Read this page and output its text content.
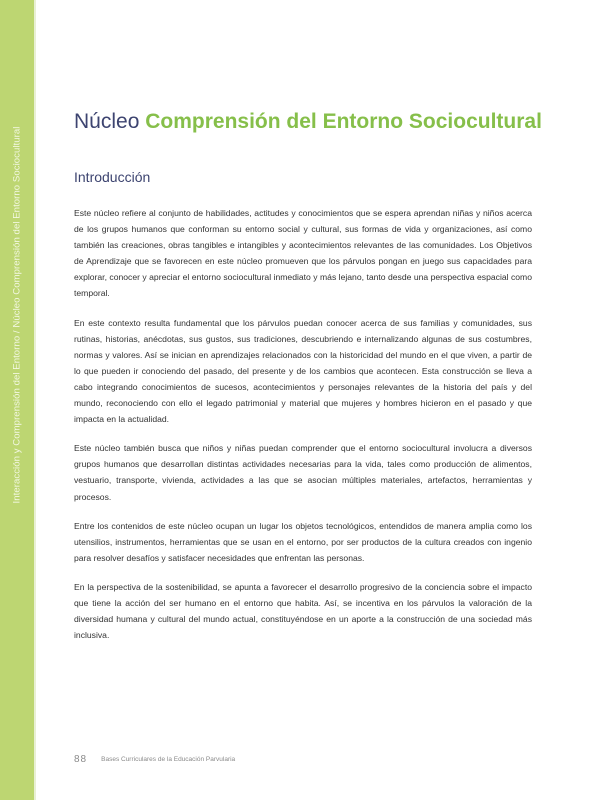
Interacción y Comprensión del Entorno / Núcleo Comprensión del Entorno Sociocultural
Núcleo Comprensión del Entorno Sociocultural
Introducción

Este núcleo refiere al conjunto de habilidades, actitudes y conocimientos que se espera aprendan niñas y niños acerca de los grupos humanos que conforman su entorno social y cultural, sus formas de vida y organizaciones, así como también las creaciones, obras tangibles e intangibles y acontecimientos relevantes de las comunidades. Los Objetivos de Aprendizaje que se favorecen en este núcleo promueven que los párvulos pongan en juego sus capacidades para explorar, conocer y apreciar el entorno sociocultural inmediato y más lejano, tanto desde una perspectiva espacial como temporal.

En este contexto resulta fundamental que los párvulos puedan conocer acerca de sus familias y comunidades, sus rutinas, historias, anécdotas, sus gustos, sus tradiciones, descubriendo e internalizando algunas de sus costumbres, normas y valores. Así se inician en aprendizajes relacionados con la historicidad del mundo en el que viven, a partir de lo que pueden ir conociendo del pasado, del presente y de los cambios que acontecen. Esta construcción se lleva a cabo integrando conocimientos de sucesos, acontecimientos y personajes relevantes de la historia del país y del mundo, reconociendo con ello el legado patrimonial y material que mujeres y hombres hicieron en el pasado y que impacta en la actualidad.

Este núcleo también busca que niños y niñas puedan comprender que el entorno sociocultural involucra a diversos grupos humanos que desarrollan distintas actividades necesarias para la vida, tales como producción de alimentos, vestuario, transporte, vivienda, actividades a las que se asocian múltiples materiales, artefactos, herramientas y procesos.

Entre los contenidos de este núcleo ocupan un lugar los objetos tecnológicos, entendidos de manera amplia como los utensilios, instrumentos, herramientas que se usan en el entorno, por ser productos de la cultura creados con ingenio para resolver desafíos y satisfacer necesidades que enfrentan las personas.

En la perspectiva de la sostenibilidad, se apunta a favorecer el desarrollo progresivo de la conciencia sobre el impacto que tiene la acción del ser humano en el entorno que habita. Así, se incentiva en los párvulos la valoración de la diversidad humana y cultural del mundo actual, constituyéndose en un aporte a la construcción de una sociedad más inclusiva.

88 Bases Curriculares de la Educación Parvularia
